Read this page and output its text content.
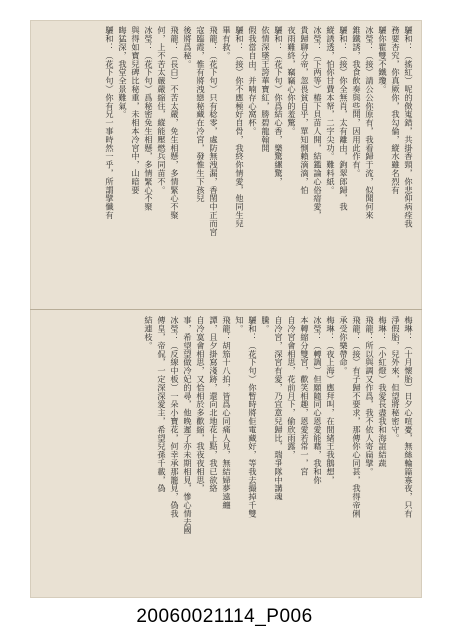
驪和：（搖紅）呢的傚嵬錯，共掛香頸，你悲仰病痊我
務要杏究，你真厥你，我勾倫，縱水雖名烈有
驪你瞿雙不鐵瓊。
冰瑩：（接）請公公你原有，我看歸于流，似聞何來
錐鐵誘，我食飲奏與些開，因用此作有。
驪和：（接）你全無肖，太有離由，鉤翠郎歸，我
縱誘透，怕你甘費本帑，二字尖功。難料紙。
冰瑩：（下两等）樁下貝苗人開，結鑑論心俗瘖愛，
貴歸聊分帝，忽畏貧自乎，單知惻賴滴滴，怕
夜雨難終，竊竊心你的羞驚。
驪和：（花下句）你爲結心香，樂驚縲驚，
依情深墜王誇華寶紅，勝碧龍翰開
假我當自由，并喃存心窩杯。
驪和：（接）你不應極好自骨，我終你情愛，他同生兒
畢有救。
飛龍：（花下句）只有稔零，處防無洩漏，香閨中正而宮
寇臨霞，惟有將洩戀秘藏在冷宮，發惟生下孩兒
後將爲秘。
飛龍：（長白）不苦太嚴，免生相懸，多情緊心不聚
何，上不苦太嚴嚴縮住，縱能壓燃兵同苗不。
冰瑩：（花下句）爲秘密免生相懸，多情緊心不聚
與得如寶兒碑比秘重，未相本冷宮中，山暗要
晦猛深，我堂全景難氣。
驪和：（花下句）你有兄一事時然一乎，所謂擘懺有
梅琳：（十月懷胎）日夕心喧憂，無絲輪篇寡夜，只有
淨假胎，兒外來，但望將秘密守。
梅琳：（小紅燈）我愛長盡我和海誼結蔬
飛龍：所以與調又作爲，我不依人寄扁擘。
飛龍：（接）有子歸不要求，那傳你心同甚，我得帝俐
承受你樂帶命。
梅琳：（夜上海）應拜叫，在間緒王我鵝想，
冰瑩：（轉調）但願隨同心恩愛能藉，我和你
本轉縮分雙宮，歡笑相趣，恩愛若常一，宮
自冷宮會相思，花前月下，偷欣雨露，
自冷宮，深宮有愛，乃宜意兒歸比，瑞爭隊中講魂
騰。
驪和：（花下句）你暫時將佢電藏好，等我去撮掉千雙
知。
飛龍：胡笳十八拍，皆爲心同痛人見，無結婦夢遠纏
譚，且夕掛寫淺跡，還向北地花上點，我已欲絡
自冷寞會相思，又恰相於多歡縮，我夜夜相思，
事，希望望做冷妃的尋，他晚遲了亦未期相見，慘心情去國
冰瑩：（反線中板）一朵小寶花，何幸承那籠見，偽我
傳皇，帝侃，一定深深愛主，希望兒孫千載，偽
結連枝。
20060021114_P006
